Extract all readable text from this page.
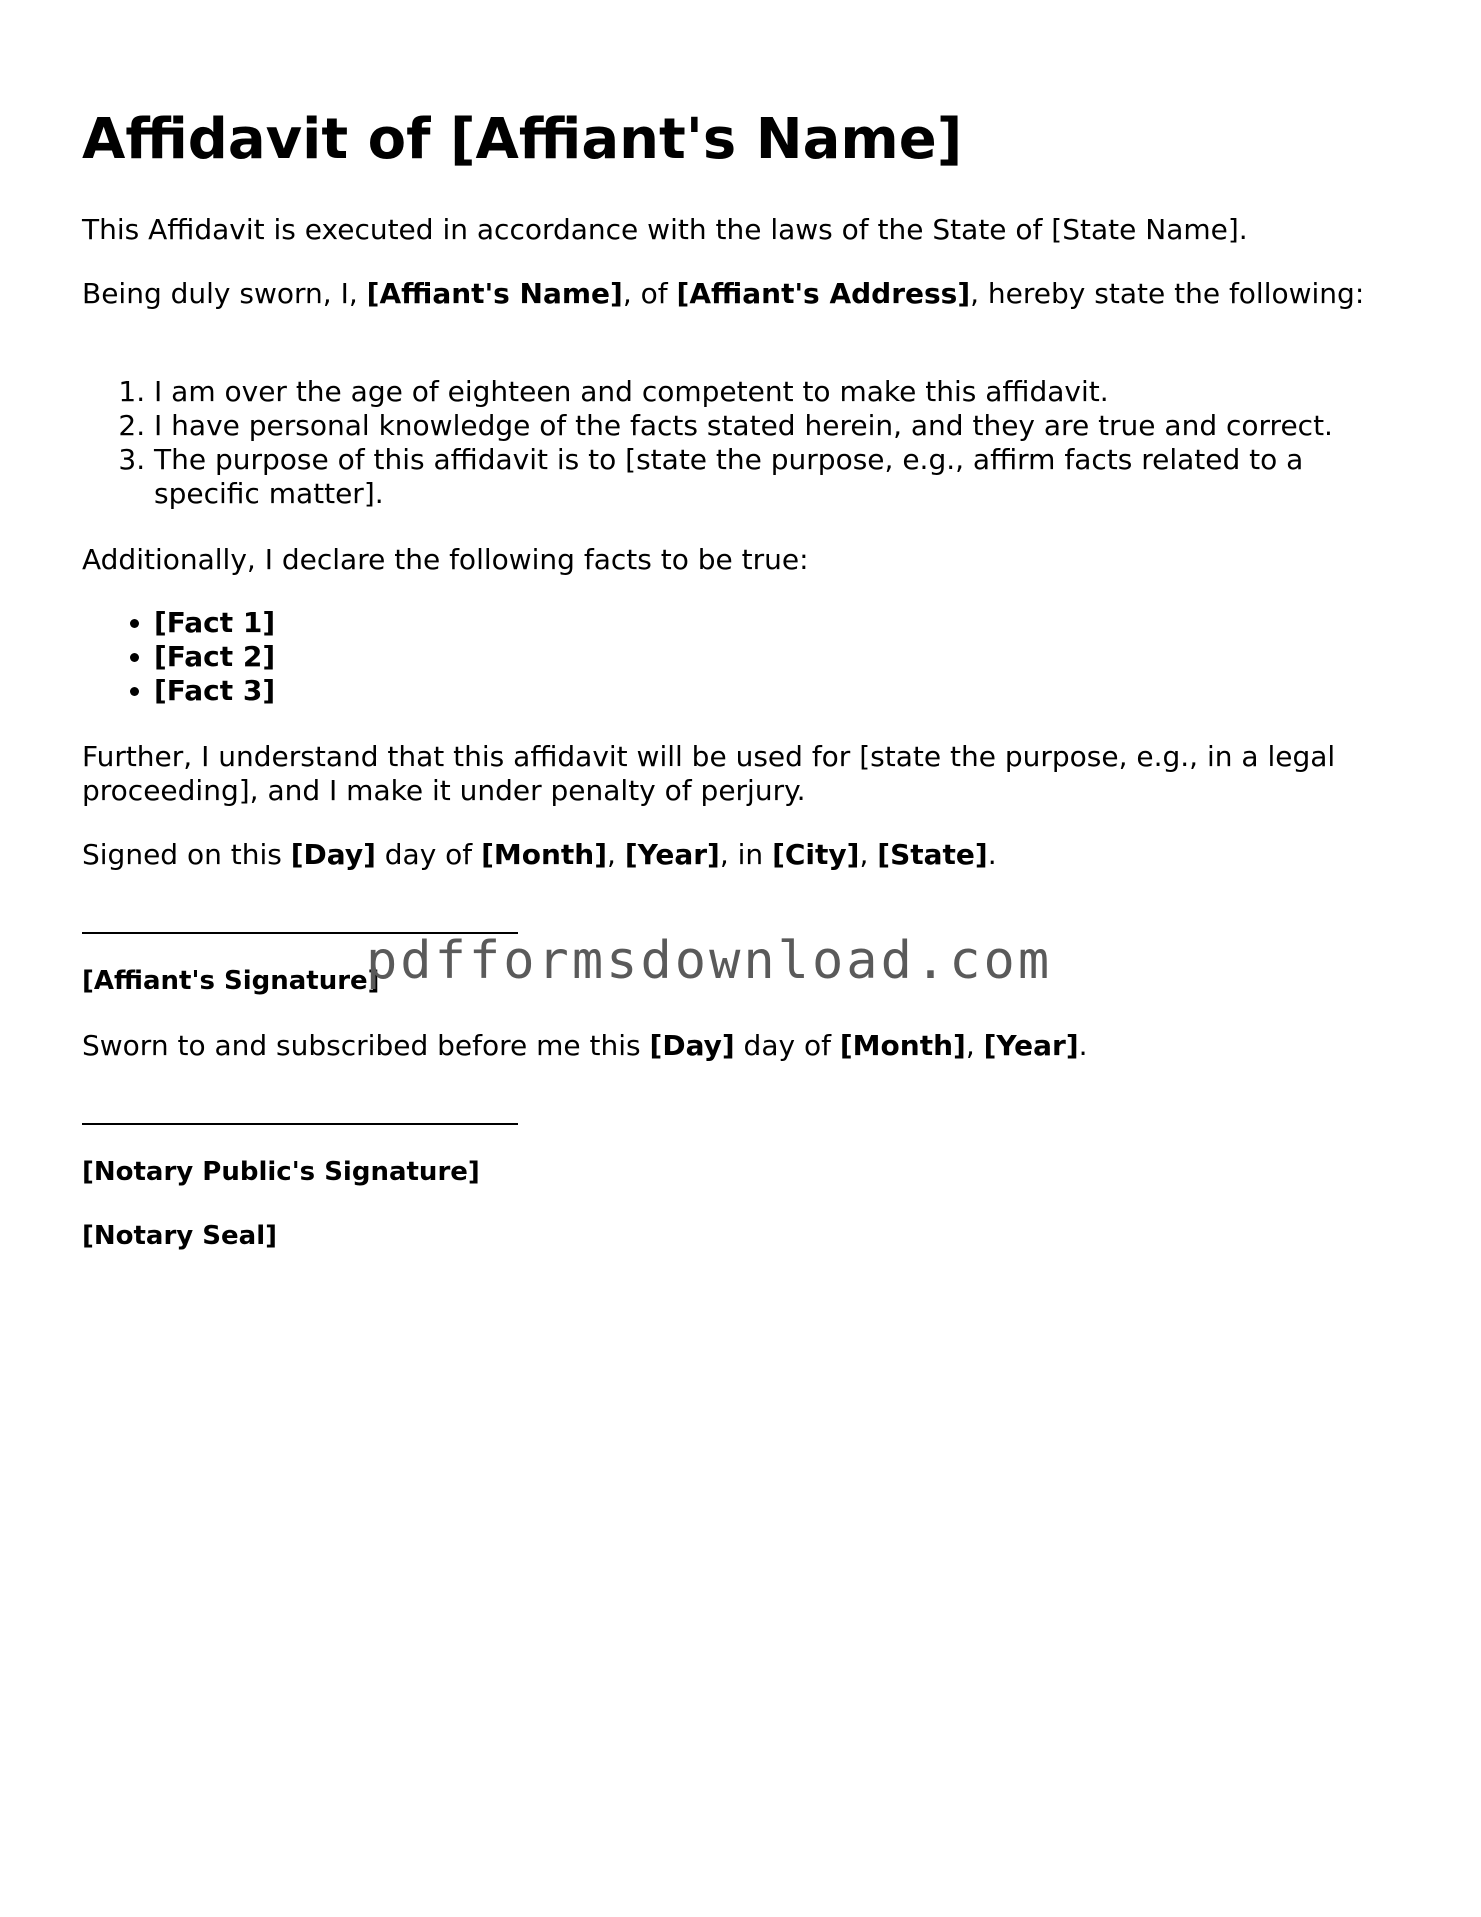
Affidavit of [Affiant's Name]

This Affidavit is executed in accordance with the laws of the State of [State Name].

Being duly sworn, I, [Affiant's Name], of [Affiant's Address], hereby state the following:

1. I am over the age of eighteen and competent to make this affidavit.
2. I have personal knowledge of the facts stated herein, and they are true and correct.
3. The purpose of this affidavit is to [state the purpose, e.g., affirm facts related to a specific matter].

Additionally, I declare the following facts to be true:

• [Fact 1]
• [Fact 2]
• [Fact 3]

Further, I understand that this affidavit will be used for [state the purpose, e.g., in a legal proceeding], and I make it under penalty of perjury.

Signed on this [Day] day of [Month], [Year], in [City], [State].

[Affiant's Signature]

Sworn to and subscribed before me this [Day] day of [Month], [Year].

[Notary Public's Signature]

[Notary Seal]

pdfformsdownload.com
